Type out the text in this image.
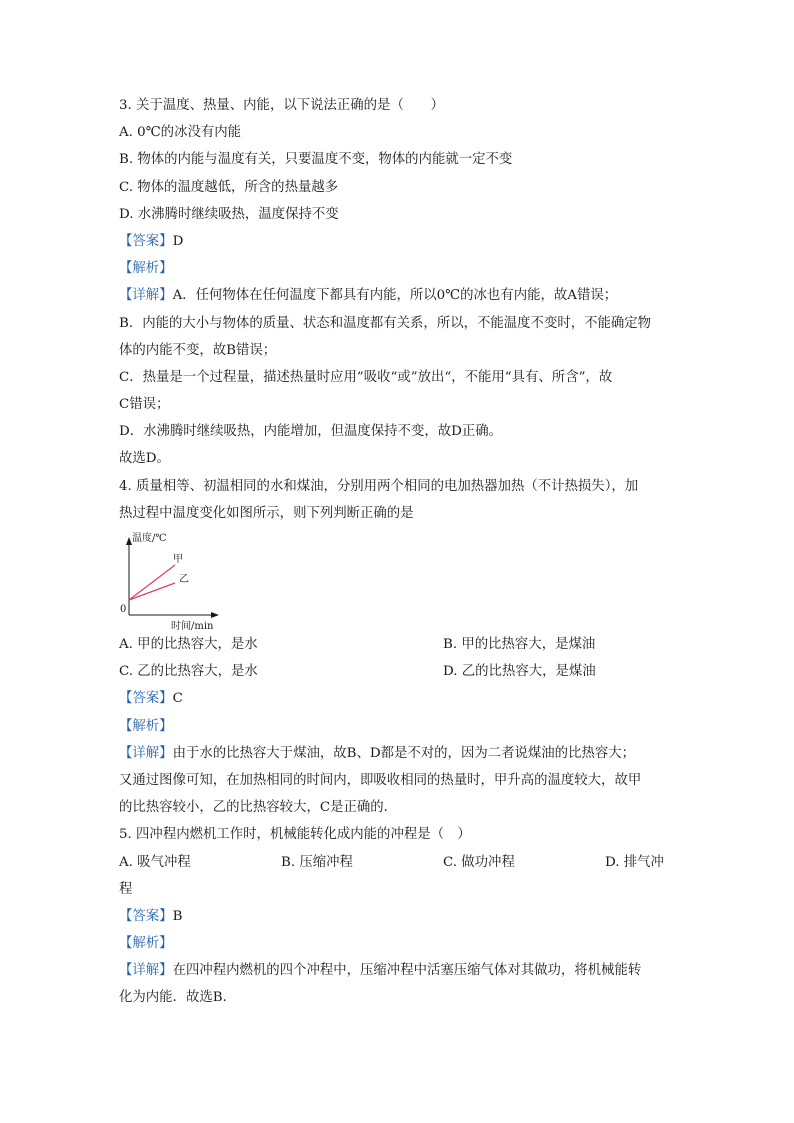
3. 关于温度、热量、内能，以下说法正确的是（　　）
A. 0℃的冰没有内能
B. 物体的内能与温度有关，只要温度不变，物体的内能就一定不变
C. 物体的温度越低，所含的热量越多
D. 水沸腾时继续吸热，温度保持不变
【答案】D
【解析】
【详解】A．任何物体在任何温度下都具有内能，所以0℃的冰也有内能，故A错误；
B．内能的大小与物体的质量、状态和温度都有关系，所以，不能温度不变时，不能确定物
体的内能不变，故B错误；
C．热量是一个过程量，描述热量时应用”吸收“或”放出“，不能用“具有、所含”，故
C错误；
D．水沸腾时继续吸热，内能增加，但温度保持不变，故D正确。
故选D。
4. 质量相等、初温相同的水和煤油，分别用两个相同的电加热器加热（不计热损失），加
热过程中温度变化如图所示，则下列判断正确的是
温度/℃
甲
乙
0
时间/min
A. 甲的比热容大，是水	B. 甲的比热容大，是煤油
C. 乙的比热容大，是水	D. 乙的比热容大，是煤油
【答案】C
【解析】
【详解】由于水的比热容大于煤油，故B、D都是不对的，因为二者说煤油的比热容大；
又通过图像可知，在加热相同的时间内，即吸收相同的热量时，甲升高的温度较大，故甲
的比热容较小，乙的比热容较大，C是正确的．
5. 四冲程内燃机工作时，机械能转化成内能的冲程是（　）
A. 吸气冲程	B. 压缩冲程	C. 做功冲程	D. 排气冲
程
【答案】B
【解析】
【详解】在四冲程内燃机的四个冲程中，压缩冲程中活塞压缩气体对其做功，将机械能转
化为内能．故选B．
